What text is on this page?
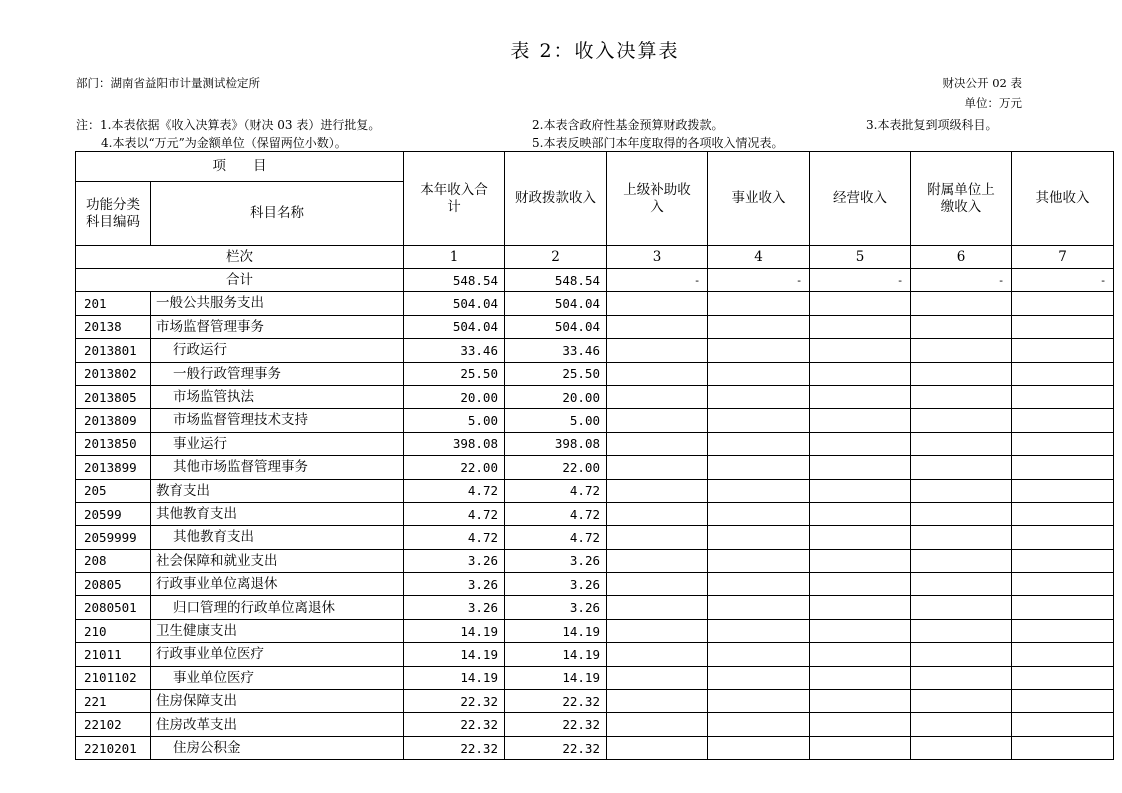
表 2：收入决算表
部门：湖南省益阳市计量测试检定所	财决公开 02 表
单位：万元
注：1.本表依据《收入决算表》（财决 03 表）进行批复。	2.本表含政府性基金预算财政拨款。	3.本表批复到项级科目。
4.本表以“万元”为金额单位（保留两位小数）。	5.本表反映部门本年度取得的各项收入情况表。
项　　目		本年收入合计	财政拨款收入	上级补助收入	事业收入	经营收入	附属单位上缴收入	其他收入
功能分类科目编码	科目名称							
栏次		1	2	3	4	5	6	7
合计		548.54	548.54	-	-	-	-	-
201	一般公共服务支出	504.04	504.04					
20138	市场监督管理事务	504.04	504.04					
2013801	行政运行	33.46	33.46					
2013802	一般行政管理事务	25.50	25.50					
2013805	市场监管执法	20.00	20.00					
2013809	市场监督管理技术支持	5.00	5.00					
2013850	事业运行	398.08	398.08					
2013899	其他市场监督管理事务	22.00	22.00					
205	教育支出	4.72	4.72					
20599	其他教育支出	4.72	4.72					
2059999	其他教育支出	4.72	4.72					
208	社会保障和就业支出	3.26	3.26					
20805	行政事业单位离退休	3.26	3.26					
2080501	归口管理的行政单位离退休	3.26	3.26					
210	卫生健康支出	14.19	14.19					
21011	行政事业单位医疗	14.19	14.19					
2101102	事业单位医疗	14.19	14.19					
221	住房保障支出	22.32	22.32					
22102	住房改革支出	22.32	22.32					
2210201	住房公积金	22.32	22.32					
